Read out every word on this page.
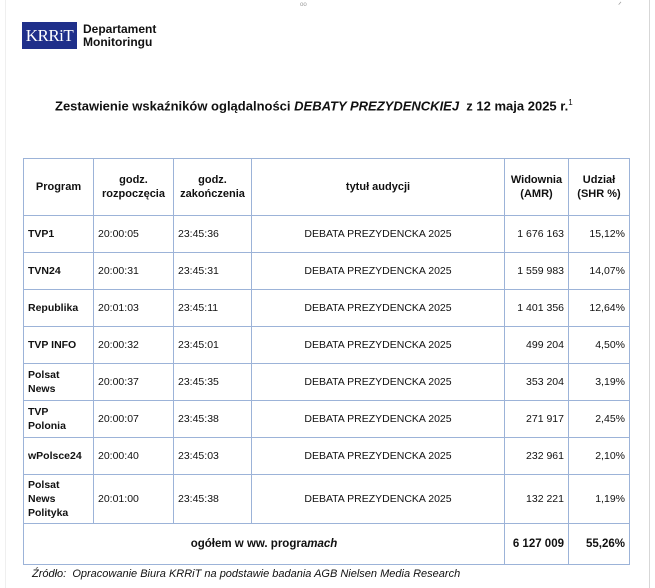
ᵒᵒ	ᐟ
KRRiT Departament
Monitoringu
Zestawienie wskaźników oglądalności DEBATY PREZYDENCKIEJ  z 12 maja 2025 r.$^1$
Program	godz. rozpoczęcia	godz. zakończenia	tytuł audycji	Widownia (AMR)	Udział (SHR %)
TVP1	20:00:05	23:45:36	DEBATA PREZYDENCKA 2025	1 676 163	15,12%
TVN24	20:00:31	23:45:31	DEBATA PREZYDENCKA 2025	1 559 983	14,07%
Republika	20:01:03	23:45:11	DEBATA PREZYDENCKA 2025	1 401 356	12,64%
TVP INFO	20:00:32	23:45:01	DEBATA PREZYDENCKA 2025	499 204	4,50%
Polsat News	20:00:37	23:45:35	DEBATA PREZYDENCKA 2025	353 204	3,19%
TVP Polonia	20:00:07	23:45:38	DEBATA PREZYDENCKA 2025	271 917	2,45%
wPolsce24	20:00:40	23:45:03	DEBATA PREZYDENCKA 2025	232 961	2,10%
Polsat News Polityka	20:01:00	23:45:38	DEBATA PREZYDENCKA 2025	132 221	1,19%
ogółem w ww. programach				6 127 009	55,26%
Źródło:  Opracowanie Biura KRRiT na podstawie badania AGB Nielsen Media Research
